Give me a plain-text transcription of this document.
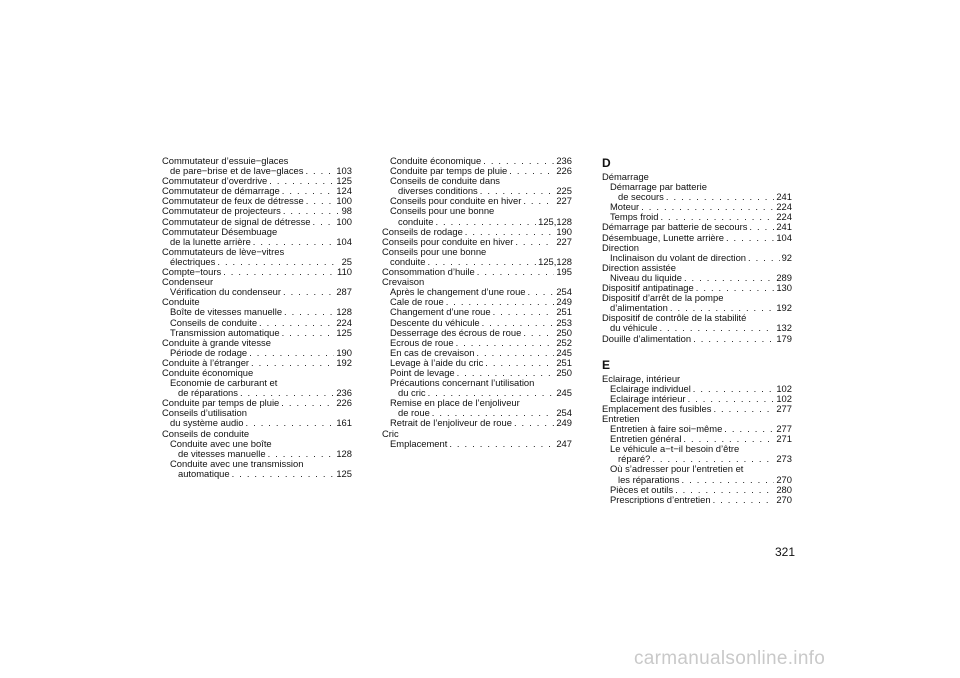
Commutateur d’essuie−glaces
de pare−brise et de lave−glaces . . .	103
Commutateur d’overdrive . . .	125
Commutateur de démarrage . . .	124
Commutateur de feux de détresse . . .	100
Commutateur de projecteurs . . .	98
Commutateur de signal de détresse . . .	100
Commutateur Désembuage
de la lunette arrière . . .	104
Commutateurs de lève−vitres
électriques . . .	25
Compte−tours . . .	110
Condenseur
Vérification du condenseur . . .	287
Conduite
Boîte de vitesses manuelle . . .	128
Conseils de conduite . . .	224
Transmission automatique . . .	125
Conduite à grande vitesse
Période de rodage . . .	190
Conduite à l’étranger . . .	192
Conduite économique
Economie de carburant et
de réparations . . .	236
Conduite par temps de pluie . . .	226
Conseils d’utilisation
du système audio . . .	161
Conseils de conduite
Conduite avec une boîte
de vitesses manuelle . . .	128
Conduite avec une transmission
automatique . . .	125
Conduite économique . . .	236
Conduite par temps de pluie . . .	226
Conseils de conduite dans
diverses conditions . . .	225
Conseils pour conduite en hiver . . .	227
Conseils pour une bonne
conduite . . .	125,128
Conseils de rodage . . .	190
Conseils pour conduite en hiver . . .	227
Conseils pour une bonne
conduite . . .	125,128
Consommation d’huile . . .	195
Crevaison
Après le changement d’une roue . . .	254
Cale de roue . . .	249
Changement d’une roue . . .	251
Descente du véhicule . . .	253
Desserrage des écrous de roue . . .	250
Ecrous de roue . . .	252
En cas de crevaison . . .	245
Levage à l’aide du cric . . .	251
Point de levage . . .	250
Précautions concernant l’utilisation
du cric . . .	245
Remise en place de l’enjoliveur
de roue . . .	254
Retrait de l’enjoliveur de roue . . .	249
Cric
Emplacement . . .	247
D
Démarrage
Démarrage par batterie
de secours . . .	241
Moteur . . .	224
Temps froid . . .	224
Démarrage par batterie de secours . . .	241
Désembuage, Lunette arrière . . .	104
Direction
Inclinaison du volant de direction . . .	92
Direction assistée
Niveau du liquide . . .	289
Dispositif antipatinage . . .	130
Dispositif d’arrêt de la pompe
d’alimentation . . .	192
Dispositif de contrôle de la stabilité
du véhicule . . .	132
Douille d’alimentation . . .	179
E
Eclairage, intérieur
Eclairage individuel . . .	102
Eclairage intérieur . . .	102
Emplacement des fusibles . . .	277
Entretien
Entretien à faire soi−même . . .	277
Entretien général . . .	271
Le véhicule a−t−il besoin d’être
réparé? . . .	273
Où s’adresser pour l’entretien et
les réparations . . .	270
Pièces et outils . . .	280
Prescriptions d’entretien . . .	270
321
carmanualsonline.info
